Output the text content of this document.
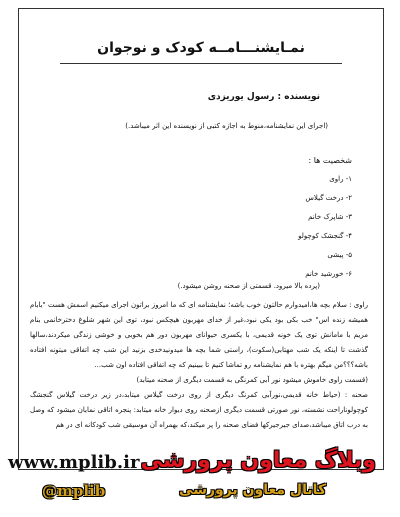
نمـایشنـــامــه کودک و نوجوان
نویسنده : رسول یوریزدی
(اجرای این نمایشنامه،منوط به اجازه کتبی از نویسنده این اثر میباشد.)
شخصیت ها :
۱- راوی
۲- درخت گیلاس
۳- شاپرک خانم
۴- گنجشک کوچولو
۵- پیشی
۶- خورشید خانم
(پرده بالا میرود. قسمتی از صحنه روشن میشود.)

راوی : سلام بچه ها،امیدوارم حالتون خوب باشه؛ نمایشنامه ای که ما امروز براتون اجرای میکنیم اسمش هست "بابام همیشه زنده اس" خب بکی بود یکی نبود،غیر از خدای مهربون هیچکس نبود، توی این شهر شلوغ دخترخانمی بنام مریم با مامانش توی یک خونه قدیمی، با یکسری حیوانای مهربون دور هم بخوبی و خوشی زندگی میکردند،سالها گذشت تا اینکه یک شب مهتابی(سکوت)، راستی شما بچه ها میدونیدخدی بزنید این شب چه اتفاقی میتونه افتاده باشه؟؟؟من میگم بهتره با هم نمایشنامه رو تماشا کنیم تا ببینیم که چه اتفاقی افتاده اون شب...

(قسمت راوی خاموش میشود نور آبی کمرنگی به قسمت دیگری از صحنه میتابد)

صحنه : (حیاط خانه قدیمی،نورآبی کمرنگ دیگری از روی درخت گیلاس میتابد،در زیر درخت گیلاس گنجشگ کوچولوناراحت نشسته، نور صورتی قسمت دیگری ازصحنه روی دیوار خانه میتابد: پنجره اتاقی نمایان میشود که وصل به درب اتاق میباشد،صدای جیرجیرکها فضای صحنه را پر میکند،که بهمراه آن موسیقی شب کودکانه ای در هم

وبلاگ معاون پرورشی
www.mplib.ir
کانال معاون پرورشی
@mplib
